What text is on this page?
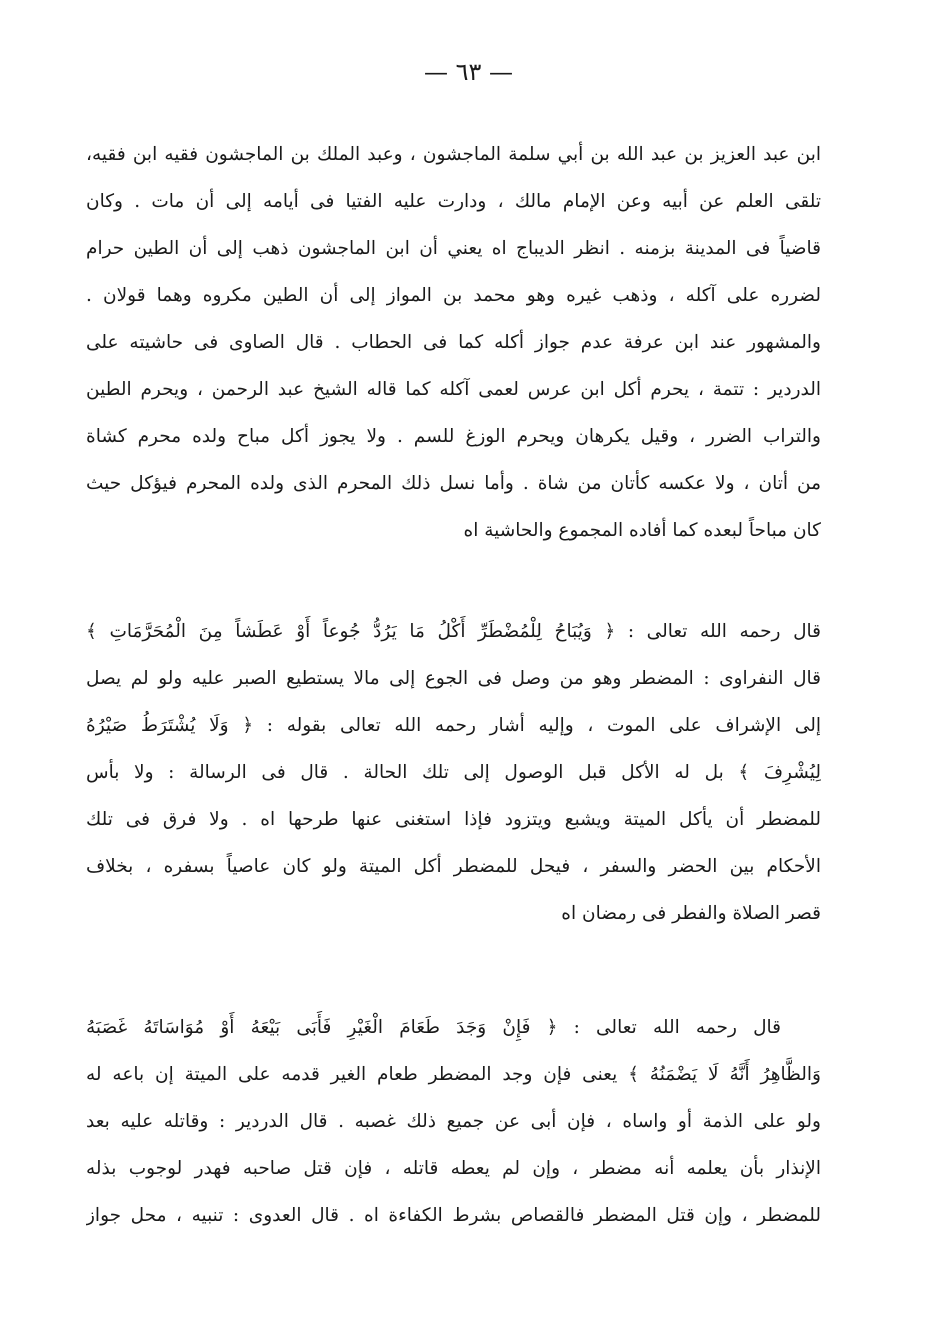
— ٦٣ —
ابن عبد العزيز بن عبد الله بن أبي سلمة الماجشون ، وعبد الملك بن الماجشون فقيه ابن فقيه،
تلقى العلم عن أبيه وعن الإمام مالك ، ودارت عليه الفتيا فى أيامه إلى أن مات . وكان
قاضياً فى المدينة بزمنه . انظر الديباج اه يعني أن ابن الماجشون ذهب إلى أن الطين حرام
لضرره على آكله ، وذهب غيره وهو محمد بن المواز إلى أن الطين مكروه وهما قولان .
والمشهور عند ابن عرفة عدم جواز أكله كما فى الحطاب . قال الصاوى فى حاشيته على
الدردير : تتمة ، يحرم أكل ابن عرس لعمى آكله كما قاله الشيخ عبد الرحمن ، ويحرم الطين
والتراب الضرر ، وقيل يكرهان ويحرم الوزغ للسم . ولا يجوز أكل مباح ولده محرم كشاة
من أتان ، ولا عكسه كأتان من شاة . وأما نسل ذلك المحرم الذى ولده المحرم فيؤكل حيث
كان مباحاً لبعده كما أفاده المجموع والحاشية اه
قال رحمه الله تعالى : ﴿ وَيُبَاحُ لِلْمُضْطَرِّ أَكْلُ مَا يَرُدُّ جُوعاً أَوْ عَطَشاً مِنَ الْمُحَرَّمَاتِ ﴾
قال النفراوى : المضطر وهو من وصل فى الجوع إلى مالا يستطيع الصبر عليه ولو لم يصل
إلى الإشراف على الموت ، وإليه أشار رحمه الله تعالى بقوله : ﴿ وَلَا يُشْتَرَطُ صَيْرُهُ
لِيُشْرِفَ ﴾ بل له الأكل قبل الوصول إلى تلك الحالة . قال فى الرسالة : ولا بأس
للمضطر أن يأكل الميتة ويشبع ويتزود فإذا استغنى عنها طرحها اه . ولا فرق فى تلك
الأحكام بين الحضر والسفر ، فيحل للمضطر أكل الميتة ولو كان عاصياً بسفره ، بخلاف
قصر الصلاة والفطر فى رمضان اه
قال رحمه الله تعالى : ﴿ فَإِنْ وَجَدَ طَعَامَ الْغَيْرِ فَأَبَى بَيْعَهُ أَوْ مُوَاسَاتَهُ غَصَبَهُ
وَالظَّاهِرُ أَنَّهُ لَا يَضْمَنُهُ ﴾ يعنى فإن وجد المضطر طعام الغير قدمه على الميتة إن باعه له
ولو على الذمة أو واساه ، فإن أبى عن جميع ذلك غصبه . قال الدردير : وقاتله عليه بعد
الإنذار بأن يعلمه أنه مضطر ، وإن لم يعطه قاتله ، فإن قتل صاحبه فهدر لوجوب بذله
للمضطر ، وإن قتل المضطر فالقصاص بشرط الكفاءة اه . قال العدوى : تنبيه ، محل جواز
